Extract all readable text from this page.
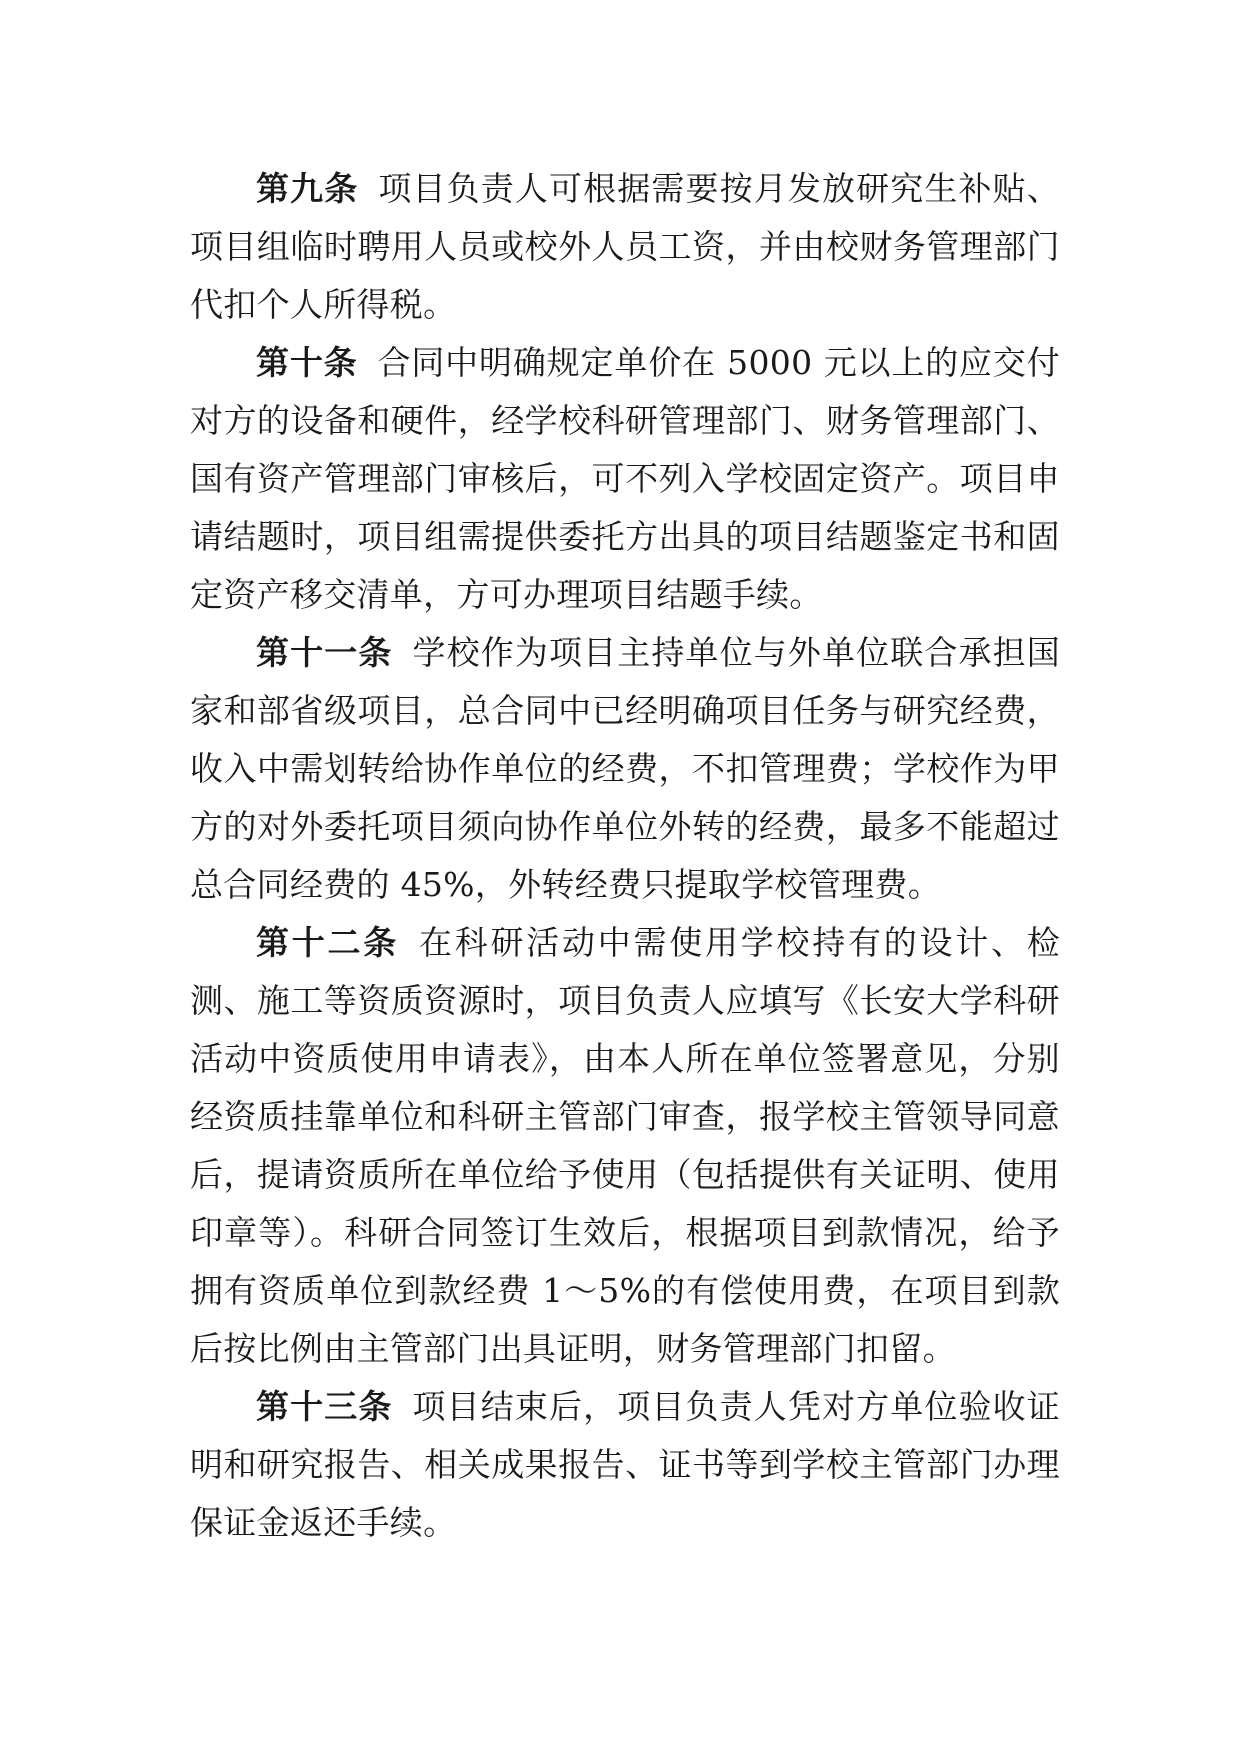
第九条 项目负责人可根据需要按月发放研究生补贴、项目组临时聘用人员或校外人员工资，并由校财务管理部门代扣个人所得税。

第十条 合同中明确规定单价在 5000 元以上的应交付对方的设备和硬件，经学校科研管理部门、财务管理部门、国有资产管理部门审核后，可不列入学校固定资产。项目申请结题时，项目组需提供委托方出具的项目结题鉴定书和固定资产移交清单，方可办理项目结题手续。

第十一条 学校作为项目主持单位与外单位联合承担国家和部省级项目，总合同中已经明确项目任务与研究经费，收入中需划转给协作单位的经费，不扣管理费；学校作为甲方的对外委托项目须向协作单位外转的经费，最多不能超过总合同经费的 45%，外转经费只提取学校管理费。

第十二条 在科研活动中需使用学校持有的设计、检测、施工等资质资源时，项目负责人应填写《长安大学科研活动中资质使用申请表》，由本人所在单位签署意见，分别经资质挂靠单位和科研主管部门审查，报学校主管领导同意后，提请资质所在单位给予使用（包括提供有关证明、使用印章等）。科研合同签订生效后，根据项目到款情况，给予拥有资质单位到款经费 1～5%的有偿使用费，在项目到款后按比例由主管部门出具证明，财务管理部门扣留。

第十三条 项目结束后，项目负责人凭对方单位验收证明和研究报告、相关成果报告、证书等到学校主管部门办理保证金返还手续。
